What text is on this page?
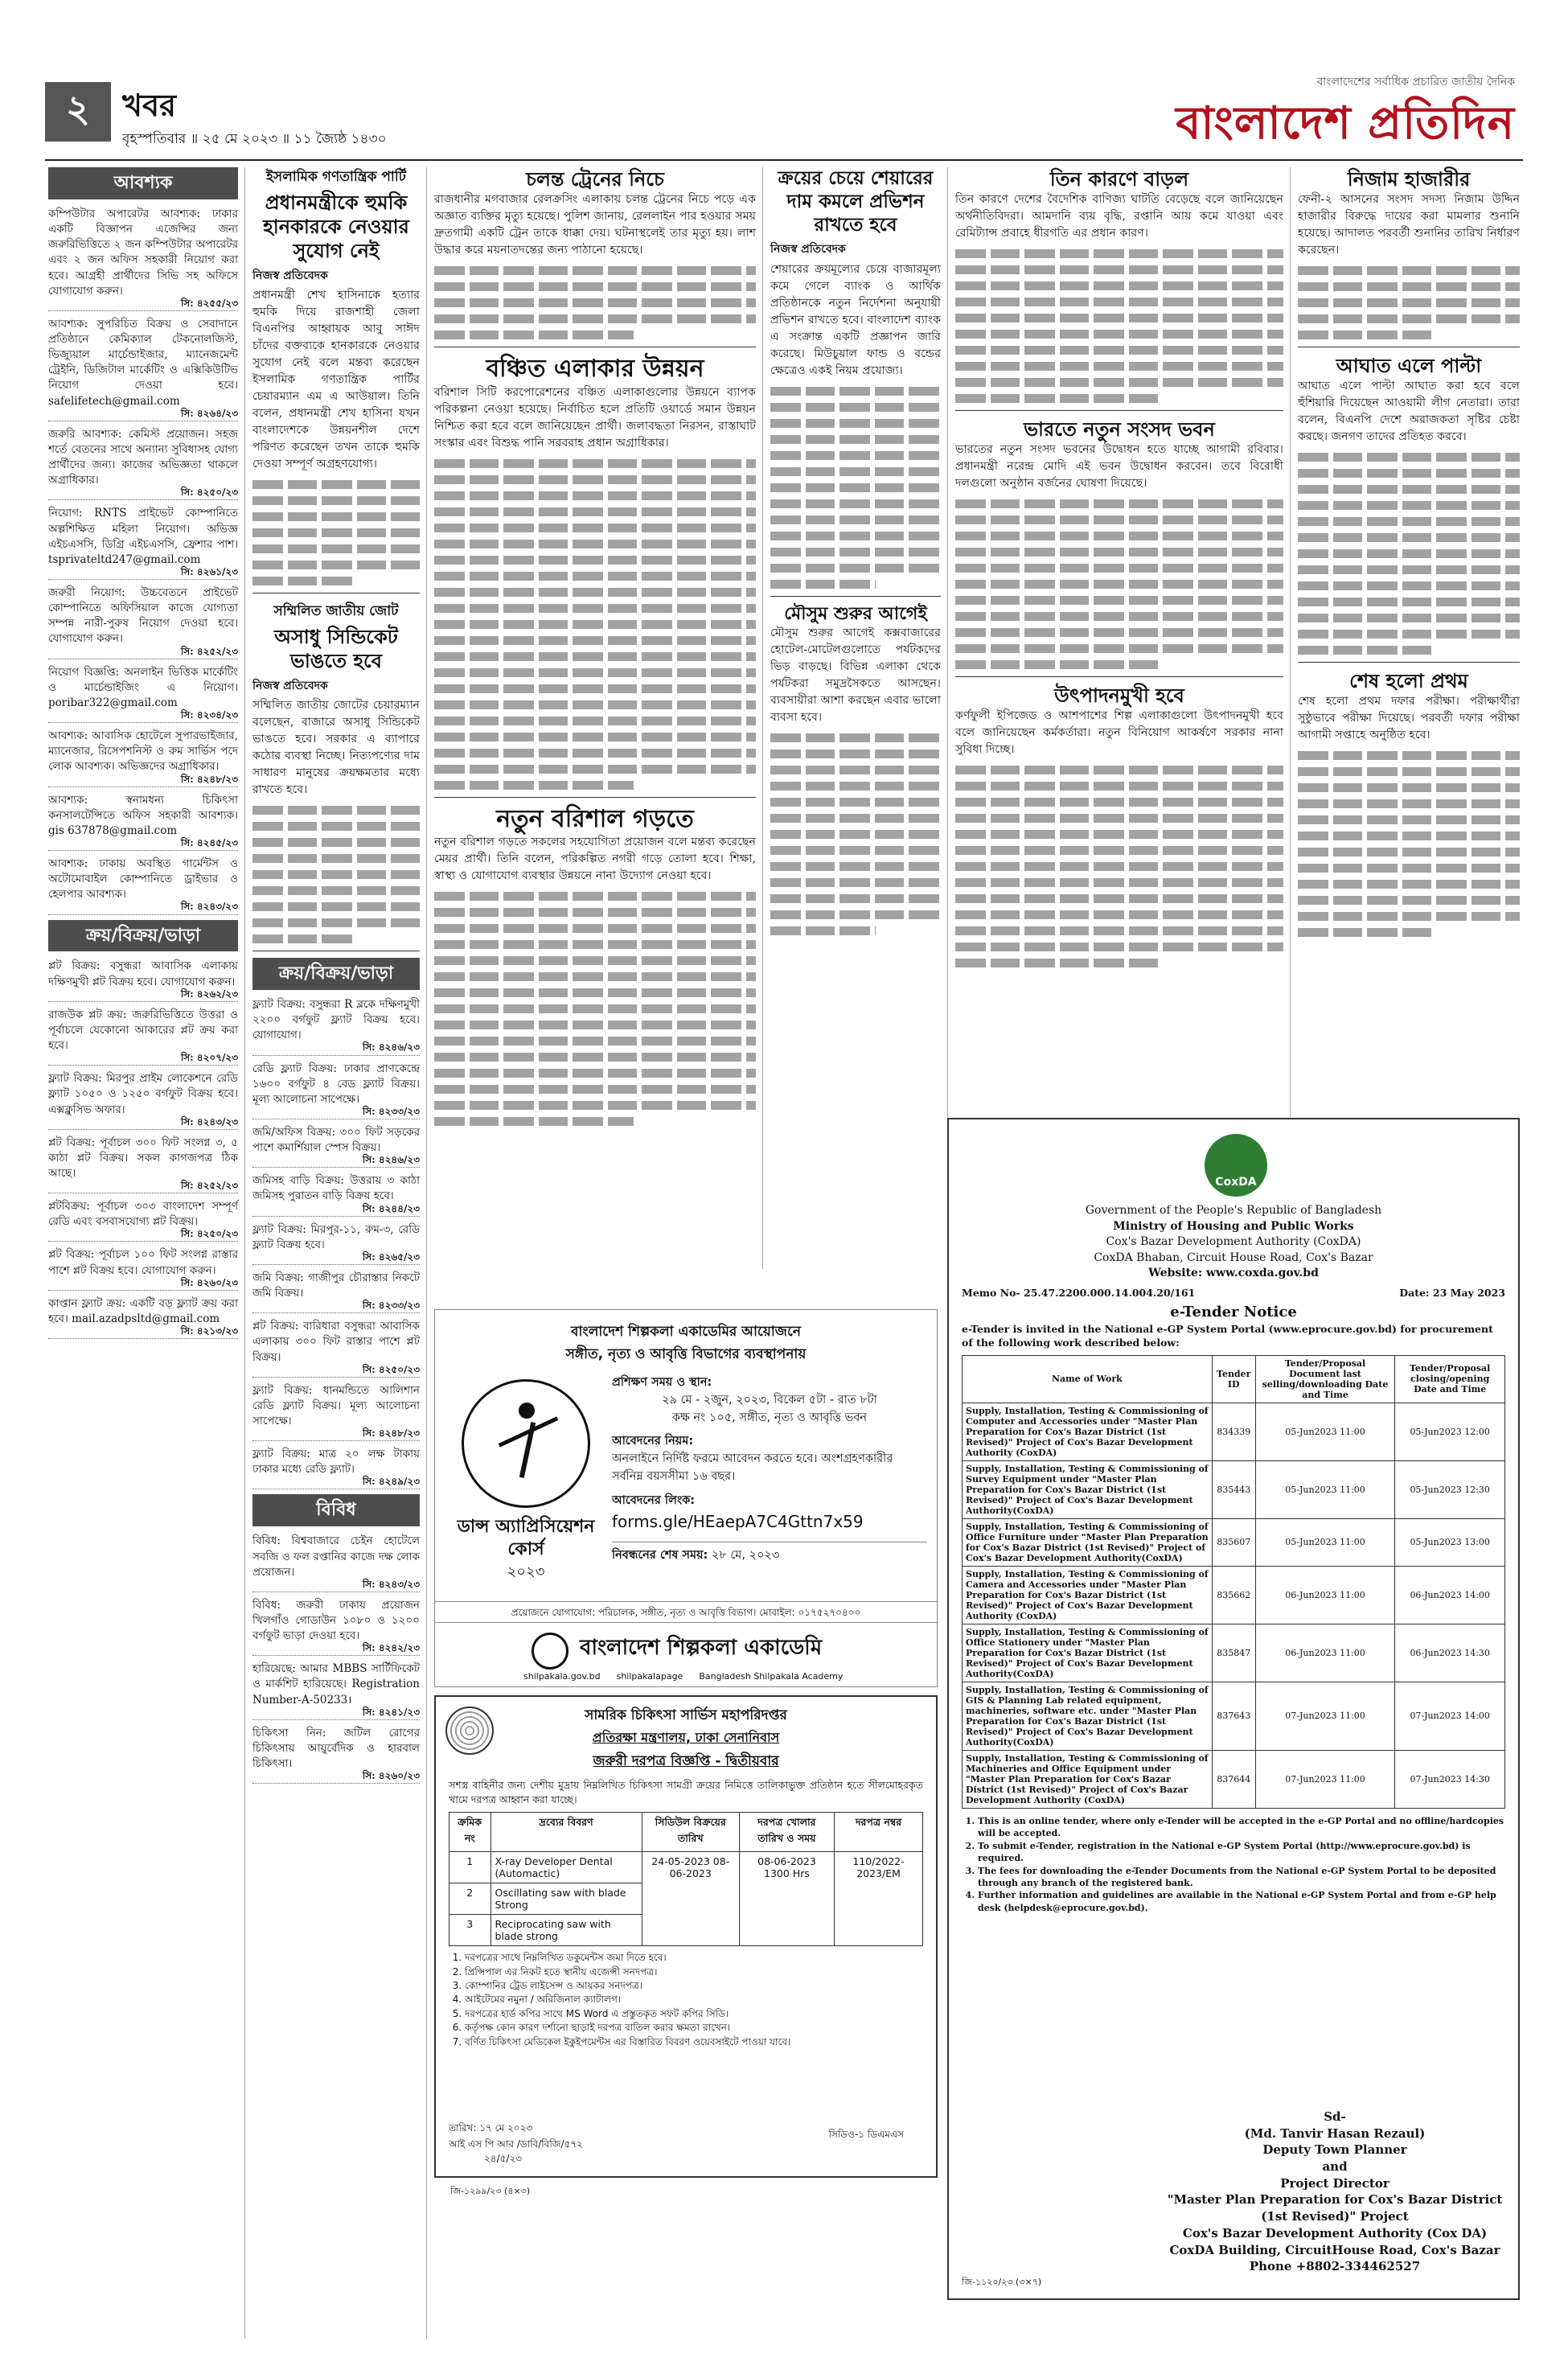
২	খবর
বৃহস্পতিবার ॥ ২৫ মে ২০২৩ ॥ ১১ জ্যৈষ্ঠ ১৪৩০
বাংলাদেশের সর্বাধিক প্রচারিত জাতীয় দৈনিক
বাংলাদেশ প্রতিদিন
আবশ্যক
কম্পিউটার অপারেটর আবশ্যক: ঢাকার একটি বিজ্ঞাপন এজেন্সির জন্য জরুরিভিত্তিতে ২ জন কম্পিউটার অপারেটর এবং ২ জন অফিস সহকারী নিয়োগ করা হবে। আগ্রহী প্রার্থীদের সিভি সহ অফিসে যোগাযোগ করুন।
সি: ৪২৫৫/২৩
আবশ্যক: সুপরিচিত বিক্রয় ও সেবাদানে প্রতিষ্ঠানে কেমিক্যাল টেকনোলজিস্ট, ভিজ্যুয়াল মার্চেন্ডাইজার, ম্যানেজমেন্ট ট্রেইনি, ডিজিটাল মার্কেটিং ও এক্সিকিউটিভ নিয়োগ দেওয়া হবে। safelifetech@gmail.com
সি: ৪২৬৪/২৩
জরুরি আবশ্যক: কেমিস্ট প্রয়োজন। সহজ শর্তে বেতনের সাথে অন্যান্য সুবিধাসহ যোগ্য প্রার্থীদের জন্য। কাজের অভিজ্ঞতা থাকলে অগ্রাধিকার।
সি: ৪২৫০/২৩
নিয়োগ: RNTS প্রাইভেট কোম্পানিতে অল্পশিক্ষিত মহিলা নিয়োগ। অভিজ্ঞ এইচএসসি, ডিগ্রি এইচএসসি, ফ্রেশার পাশ। tsprivateltd247@gmail.com
সি: ৪২৬১/২৩
জরুরী নিয়োগ: উচ্চবেতনে প্রাইভেট কোম্পানিতে অফিসিয়াল কাজে যোগ্যতা সম্পন্ন নারী-পুরুষ নিয়োগ দেওয়া হবে। যোগাযোগ করুন।
সি: ৪২৫২/২৩
নিয়োগ বিজ্ঞপ্তি: অনলাইন ভিত্তিক মার্কেটিং ও মার্চেন্ডাইজিং এ নিয়োগ। poribar322@gmail.com
সি: ৪২৩৪/২৩
আবশ্যক: আবাসিক হোটেলে সুপারভাইজার, ম্যানেজার, রিসেপশনিস্ট ও রুম সার্ভিস পদে লোক আবশ্যক। অভিজ্ঞদের অগ্রাধিকার।
সি: ৪২৪৮/২৩
আবশ্যক: স্বনামধন্য চিকিৎসা কনসালটেন্সিতে অফিস সহকারী আবশ্যক। gis 637878@gmail.com
সি: ৪২৪৫/২৩
আবশ্যক: ঢাকায় অবস্থিত গার্মেন্টস ও অটোমোবাইল কোম্পানিতে ড্রাইভার ও হেলপার আবশ্যক।
সি: ৪২৪৩/২৩
ক্রয়/বিক্রয়/ভাড়া
প্লট বিক্রয়: বসুন্ধরা আবাসিক এলাকায় দক্ষিণমুখী প্লট বিক্রয় হবে। যোগাযোগ করুন।
সি: ৪২৬২/২৩
রাজউক প্লট ক্রয়: জরুরিভিত্তিতে উত্তরা ও পূর্বাচলে যেকোনো আকারের প্লট ক্রয় করা হবে।
সি: ৪২০৭/২৩
ফ্ল্যাট বিক্রয়: মিরপুর প্রাইম লোকেশনে রেডি ফ্ল্যাট ১০৫০ ও ১২৫০ বর্গফুট বিক্রয় হবে। এক্সক্লুসিভ অফার।
সি: ৪২৪৩/২৩
প্লট বিক্রয়: পূর্বাচল ৩০০ ফিট সংলগ্ন ৩, ৫ কাঠা প্লট বিক্রয়। সকল কাগজপত্র ঠিক আছে।
সি: ৪২৫২/২৩
প্লটবিক্রয়: পূর্বাচল ৩০৩ বাংলাদেশ সম্পূর্ণ রেডি এবং বসবাসযোগ্য প্লট বিক্রয়।
সি: ৪২৫০/২৩
প্লট বিক্রয়: পূর্বাচল ১০০ ফিট সংলগ্ন রাস্তার পাশে প্লট বিক্রয় হবে। যোগাযোগ করুন।
সি: ৪২৬০/২৩
কাপ্তান ফ্ল্যাট ক্রয়: একটি বড় ফ্ল্যাট ক্রয় করা হবে। mail.azadpsltd@gmail.com
সি: ৪২১৩/২৩
ইসলামিক গণতান্ত্রিক পার্টি
প্রধানমন্ত্রীকে হুমকি হানকারকে নেওয়ার সুযোগ নেই
নিজস্ব প্রতিবেদক
প্রধানমন্ত্রী শেখ হাসিনাকে হত্যার হুমকি দিয়ে রাজশাহী জেলা বিএনপির আহ্বায়ক আবু সাঈদ চাঁদের বক্তব্যকে হানকারকে নেওয়ার সুযোগ নেই বলে মন্তব্য করেছেন ইসলামিক গণতান্ত্রিক পার্টির চেয়ারম্যান এম এ আউয়াল। তিনি বলেন, প্রধানমন্ত্রী শেখ হাসিনা যখন বাংলাদেশকে উন্নয়নশীল দেশে পরিণত করেছেন তখন তাকে হুমকি দেওয়া সম্পূর্ণ অগ্রহণযোগ্য।
সম্মিলিত জাতীয় জোট
অসাধু সিন্ডিকেট ভাঙতে হবে
নিজস্ব প্রতিবেদক
সম্মিলিত জাতীয় জোটের চেয়ারম্যান বলেছেন, বাজারে অসাধু সিন্ডিকেট ভাঙতে হবে। সরকার এ ব্যাপারে কঠোর ব্যবস্থা নিচ্ছে। নিত্যপণ্যের দাম সাধারণ মানুষের ক্রয়ক্ষমতার মধ্যে রাখতে হবে।
ক্রয়/বিক্রয়/ভাড়া
ফ্ল্যাট বিক্রয়: বসুন্ধরা R ব্লকে দক্ষিণমুখী ২২০০ বর্গফুট ফ্ল্যাট বিক্রয় হবে। যোগাযোগ।
সি: ৪২৪৬/২৩
রেডি ফ্ল্যাট বিক্রয়: ঢাকার প্রাণকেন্দ্রে ১৬০০ বর্গফুট ৪ বেড ফ্ল্যাট বিক্রয়। মূল্য আলোচনা সাপেক্ষে।
সি: ৪২৩৩/২৩
জমি/অফিস বিক্রয়: ৩০০ ফিট সড়কের পাশে কমার্শিয়াল স্পেস বিক্রয়।
সি: ৪২৪৬/২৩
জমিসহ বাড়ি বিক্রয়: উত্তরায় ৩ কাঠা জমিসহ পুরাতন বাড়ি বিক্রয় হবে।
সি: ৪২৪৪/২৩
ফ্ল্যাট বিক্রয়: মিরপুর-১১, রুম-৩, রেডি ফ্ল্যাট বিক্রয় হবে।
সি: ৪২৬৫/২৩
জমি বিক্রয়: গাজীপুর চৌরাস্তার নিকটে জমি বিক্রয়।
সি: ৪২৩৩/২৩
প্লট বিক্রয়: বারিধারা বসুন্ধরা আবাসিক এলাকায় ৩০০ ফিট রাস্তার পাশে প্লট বিক্রয়।
সি: ৪২৫০/২৩
ফ্ল্যাট বিক্রয়: ধানমন্ডিতে আলিশান রেডি ফ্ল্যাট বিক্রয়। মূল্য আলোচনা সাপেক্ষে।
সি: ৪২৪৮/২৩
ফ্ল্যাট বিক্রয়: মাত্র ২০ লক্ষ টাকায় ঢাকার মধ্যে রেডি ফ্ল্যাট।
সি: ৪২৪৯/২৩
বিবিধ
বিবিধ: বিশ্ববাজারে চেইন হোটেলে সবজি ও ফল রপ্তানির কাজে দক্ষ লোক প্রয়োজন।
সি: ৪২৪৩/২৩
বিবিধ: জরুরী ঢাকায় প্রয়োজন খিলগাঁও গোডাউন ১০৮০ ও ১২০০ বর্গফুট ভাড়া দেওয়া হবে।
সি: ৪২৪২/২৩
হারিয়েছে: আমার MBBS সার্টিফিকেট ও মার্কশিট হারিয়েছে। Registration Number-A-50233।
সি: ৪২৪১/২৩
চিকিৎসা নিন: জটিল রোগের চিকিৎসায় আয়ুর্বেদিক ও হারবাল চিকিৎসা।
সি: ৪২৬০/২৩
চলন্ত ট্রেনের নিচে
রাজধানীর মগবাজার রেলক্রসিং এলাকায় চলন্ত ট্রেনের নিচে পড়ে এক অজ্ঞাত ব্যক্তির মৃত্যু হয়েছে। পুলিশ জানায়, রেললাইন পার হওয়ার সময় দ্রুতগামী একটি ট্রেন তাকে ধাক্কা দেয়। ঘটনাস্থলেই তার মৃত্যু হয়। লাশ উদ্ধার করে ময়নাতদন্তের জন্য পাঠানো হয়েছে।
বঞ্চিত এলাকার উন্নয়ন
বরিশাল সিটি করপোরেশনের বঞ্চিত এলাকাগুলোর উন্নয়নে ব্যাপক পরিকল্পনা নেওয়া হয়েছে। নির্বাচিত হলে প্রতিটি ওয়ার্ডে সমান উন্নয়ন নিশ্চিত করা হবে বলে জানিয়েছেন প্রার্থী। জলাবদ্ধতা নিরসন, রাস্তাঘাট সংস্কার এবং বিশুদ্ধ পানি সরবরাহ প্রধান অগ্রাধিকার।
নতুন বরিশাল গড়তে
নতুন বরিশাল গড়তে সকলের সহযোগিতা প্রয়োজন বলে মন্তব্য করেছেন মেয়র প্রার্থী। তিনি বলেন, পরিকল্পিত নগরী গড়ে তোলা হবে। শিক্ষা, স্বাস্থ্য ও যোগাযোগ ব্যবস্থার উন্নয়নে নানা উদ্যোগ নেওয়া হবে।
ক্রয়ের চেয়ে শেয়ারের দাম কমলে প্রভিশন রাখতে হবে
নিজস্ব প্রতিবেদক
শেয়ারের ক্রয়মূল্যের চেয়ে বাজারমূল্য কমে গেলে ব্যাংক ও আর্থিক প্রতিষ্ঠানকে নতুন নির্দেশনা অনুযায়ী প্রভিশন রাখতে হবে। বাংলাদেশ ব্যাংক এ সংক্রান্ত একটি প্রজ্ঞাপন জারি করেছে। মিউচুয়াল ফান্ড ও বন্ডের ক্ষেত্রেও একই নিয়ম প্রযোজ্য।
মৌসুম শুরুর আগেই
মৌসুম শুরুর আগেই কক্সবাজারের হোটেল-মোটেলগুলোতে পর্যটকদের ভিড় বাড়ছে। বিভিন্ন এলাকা থেকে পর্যটকরা সমুদ্রসৈকতে আসছেন। ব্যবসায়ীরা আশা করছেন এবার ভালো ব্যবসা হবে।
তিন কারণে বাড়ল
তিন কারণে দেশের বৈদেশিক বাণিজ্য ঘাটতি বেড়েছে বলে জানিয়েছেন অর্থনীতিবিদরা। আমদানি ব্যয় বৃদ্ধি, রপ্তানি আয় কমে যাওয়া এবং রেমিট্যান্স প্রবাহে ধীরগতি এর প্রধান কারণ।
ভারতে নতুন সংসদ ভবন
ভারতের নতুন সংসদ ভবনের উদ্বোধন হতে যাচ্ছে আগামী রবিবার। প্রধানমন্ত্রী নরেন্দ্র মোদি এই ভবন উদ্বোধন করবেন। তবে বিরোধী দলগুলো অনুষ্ঠান বর্জনের ঘোষণা দিয়েছে।
উৎপাদনমুখী হবে
কর্ণফুলী ইপিজেড ও আশপাশের শিল্প এলাকাগুলো উৎপাদনমুখী হবে বলে জানিয়েছেন কর্মকর্তারা। নতুন বিনিয়োগ আকর্ষণে সরকার নানা সুবিধা দিচ্ছে।
নিজাম হাজারীর
ফেনী-২ আসনের সংসদ সদস্য নিজাম উদ্দিন হাজারীর বিরুদ্ধে দায়ের করা মামলার শুনানি হয়েছে। আদালত পরবর্তী শুনানির তারিখ নির্ধারণ করেছেন।
আঘাত এলে পাল্টা
আঘাত এলে পাল্টা আঘাত করা হবে বলে হুঁশিয়ারি দিয়েছেন আওয়ামী লীগ নেতারা। তারা বলেন, বিএনপি দেশে অরাজকতা সৃষ্টির চেষ্টা করছে। জনগণ তাদের প্রতিহত করবে।
শেষ হলো প্রথম
শেষ হলো প্রথম দফার পরীক্ষা। পরীক্ষার্থীরা সুষ্ঠুভাবে পরীক্ষা দিয়েছে। পরবর্তী দফার পরীক্ষা আগামী সপ্তাহে অনুষ্ঠিত হবে।
বাংলাদেশ শিল্পকলা একাডেমির আয়োজনে
সঙ্গীত, নৃত্য ও আবৃত্তি বিভাগের ব্যবস্থাপনায়
ডান্স অ্যাপ্রিসিয়েশন কোর্স
২০২৩
প্রশিক্ষণ সময় ও স্থান:
২৯ মে - ২জুন, ২০২৩, বিকেল ৫টা - রাত ৮টা
কক্ষ নং ১০৫, সঙ্গীত, নৃত্য ও আবৃত্তি ভবন
আবেদনের নিয়ম:
অনলাইনে নির্দিষ্ট ফরমে আবেদন করতে হবে। অংশগ্রহণকারীর সর্বনিম্ন বয়সসীমা ১৬ বছর।
আবেদনের লিংক:
forms.gle/HEaepA7C4Gttn7x59
নিবন্ধনের শেষ সময়: ২৮ মে, ২০২৩
প্রয়োজনে যোগাযোগ: পরিচালক, সঙ্গীত, নৃত্য ও আবৃত্তি বিভাগ। মোবাইল: ০১৭৫২৭০৪০০
বাংলাদেশ শিল্পকলা একাডেমি
shilpakala.gov.bd shilpakalapage Bangladesh Shilpakala Academy
সামরিক চিকিৎসা সার্ভিস মহাপরিদপ্তর
প্রতিরক্ষা মন্ত্রণালয়, ঢাকা সেনানিবাস
জরুরী দরপত্র বিজ্ঞপ্তি - দ্বিতীয়বার
সশস্ত্র বাহিনীর জন্য দেশীয় মুদ্রায় নিম্নলিখিত চিকিৎসা সামগ্রী ক্রয়ের নিমিত্তে তালিকাভুক্ত প্রতিষ্ঠান হতে সীলমোহরকৃত খামে দরপত্র আহ্বান করা যাচ্ছে।
ক্রমিক নং	দ্রব্যের বিবরণ	সিডিউল বিক্রয়ের তারিখ	দরপত্র খোলার তারিখ ও সময়	দরপত্র নম্বর
1	X-ray Developer Dental (Automactic)	24-05-2023 08-06-2023	08-06-2023 1300 Hrs	110/2022-2023/EM
2	Oscillating saw with blade Strong			
3	Reciprocating saw with blade strong			
1. দরপত্রের সাথে নিম্নলিখিত ডকুমেন্টস জমা দিতে হবে।
2. প্রিন্সিপাল এর নিকট হতে স্থানীয় এজেন্সী সনদপত্র।
3. কোম্পানির ট্রেড লাইসেন্স ও আয়কর সনদপত্র।
4. আইটেমের নমুনা / অরিজিনাল ক্যাটালগ।
5. দরপত্রের হার্ড কপির সাথে MS Word এ প্রস্তুতকৃত সফট কপির সিডি।
6. কর্তৃপক্ষ কোন কারণ দর্শানো ছাড়াই দরপত্র বাতিল করার ক্ষমতা রাখেন।
7. বর্ণিত চিকিৎসা মেডিকেল ইকুইপমেন্টস এর বিস্তারিত বিবরণ ওয়েবসাইটে পাওয়া যাবে।
তারিখ: ১৭ মে ২০২৩
আই এস পি আর /ডাবি/বিজি/৫৭২
২৪/৫/২৩
সিডিও-১ ডিএমএস
জি-১২৯৯/২৩ (৪×৩)
CoxDA
Government of the People's Republic of Bangladesh
Ministry of Housing and Public Works
Cox's Bazar Development Authority (CoxDA)
CoxDA Bhaban, Circuit House Road, Cox's Bazar
Website: www.coxda.gov.bd
Memo No- 25.47.2200.000.14.004.20/161	Date: 23 May 2023
e-Tender Notice
e-Tender is invited in the National e-GP System Portal (www.eprocure.gov.bd) for procurement of the following work described below:
Name of Work	Tender ID	Tender/Proposal Document last selling/downloading Date and Time	Tender/Proposal closing/opening Date and Time
Supply, Installation, Testing & Commissioning of Computer and Accessories under "Master Plan Preparation for Cox's Bazar District (1st Revised)" Project of Cox's Bazar Development Authority (CoxDA)	834339	05-Jun2023 11:00	05-Jun2023 12:00
Supply, Installation, Testing & Commissioning of Survey Equipment under "Master Plan Preparation for Cox's Bazar District (1st Revised)" Project of Cox's Bazar Development Authority(CoxDA)	835443	05-Jun2023 11:00	05-Jun2023 12:30
Supply, Installation, Testing & Commissioning of Office Furniture under "Master Plan Preparation for Cox's Bazar District (1st Revised)" Project of Cox's Bazar Development Authority(CoxDA)	835607	05-Jun2023 11:00	05-Jun2023 13:00
Supply, Installation, Testing & Commissioning of Camera and Accessories under "Master Plan Preparation for Cox's Bazar District (1st Revised)" Project of Cox's Bazar Development Authority (CoxDA)	835662	06-Jun2023 11:00	06-Jun2023 14:00
Supply, Installation, Testing & Commissioning of Office Stationery under "Master Plan Preparation for Cox's Bazar District (1st Revised)" Project of Cox's Bazar Development Authority(CoxDA)	835847	06-Jun2023 11:00	06-Jun2023 14:30
Supply, Installation, Testing & Commissioning of GIS & Planning Lab related equipment, machineries, software etc. under "Master Plan Preparation for Cox's Bazar District (1st Revised)" Project of Cox's Bazar Development Authority(CoxDA)	837643	07-Jun2023 11:00	07-Jun2023 14:00
Supply, Installation, Testing & Commissioning of Machineries and Office Equipment under "Master Plan Preparation for Cox's Bazar District (1st Revised)" Project of Cox's Bazar Development Authority (CoxDA)	837644	07-Jun2023 11:00	07-Jun2023 14:30
1. This is an online tender, where only e-Tender will be accepted in the e-GP Portal and no offline/hardcopies will be accepted.
2. To submit e-Tender, registration in the National e-GP System Portal (http://www.eprocure.gov.bd) is required.
3. The fees for downloading the e-Tender Documents from the National e-GP System Portal to be deposited through any branch of the registered bank.
4. Further information and guidelines are available in the National e-GP System Portal and from e-GP help desk (helpdesk@eprocure.gov.bd).
Sd-
(Md. Tanvir Hasan Rezaul)
Deputy Town Planner
and
Project Director
"Master Plan Preparation for Cox's Bazar District (1st Revised)" Project
Cox's Bazar Development Authority (Cox DA)
CoxDA Building, CircuitHouse Road, Cox's Bazar
Phone +8802-334462527
জি-১১২০/২৩ (৩×৭)
